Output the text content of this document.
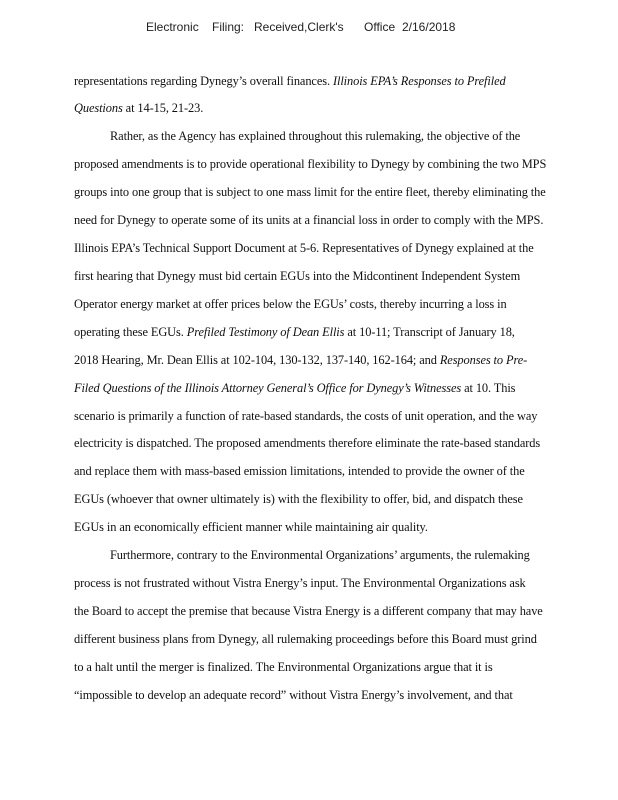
Electronic Filing: Received,Clerk's Office 2/16/2018
representations regarding Dynegy’s overall finances. Illinois EPA’s Responses to Prefiled
Questions at 14-15, 21-23.
Rather, as the Agency has explained throughout this rulemaking, the objective of the
proposed amendments is to provide operational flexibility to Dynegy by combining the two MPS
groups into one group that is subject to one mass limit for the entire fleet, thereby eliminating the
need for Dynegy to operate some of its units at a financial loss in order to comply with the MPS.
Illinois EPA’s Technical Support Document at 5-6. Representatives of Dynegy explained at the
first hearing that Dynegy must bid certain EGUs into the Midcontinent Independent System
Operator energy market at offer prices below the EGUs’ costs, thereby incurring a loss in
operating these EGUs. Prefiled Testimony of Dean Ellis at 10-11; Transcript of January 18,
2018 Hearing, Mr. Dean Ellis at 102-104, 130-132, 137-140, 162-164; and Responses to Pre-
Filed Questions of the Illinois Attorney General’s Office for Dynegy’s Witnesses at 10. This
scenario is primarily a function of rate-based standards, the costs of unit operation, and the way
electricity is dispatched. The proposed amendments therefore eliminate the rate-based standards
and replace them with mass-based emission limitations, intended to provide the owner of the
EGUs (whoever that owner ultimately is) with the flexibility to offer, bid, and dispatch these
EGUs in an economically efficient manner while maintaining air quality.
Furthermore, contrary to the Environmental Organizations’ arguments, the rulemaking
process is not frustrated without Vistra Energy’s input. The Environmental Organizations ask
the Board to accept the premise that because Vistra Energy is a different company that may have
different business plans from Dynegy, all rulemaking proceedings before this Board must grind
to a halt until the merger is finalized. The Environmental Organizations argue that it is
“impossible to develop an adequate record” without Vistra Energy’s involvement, and that
